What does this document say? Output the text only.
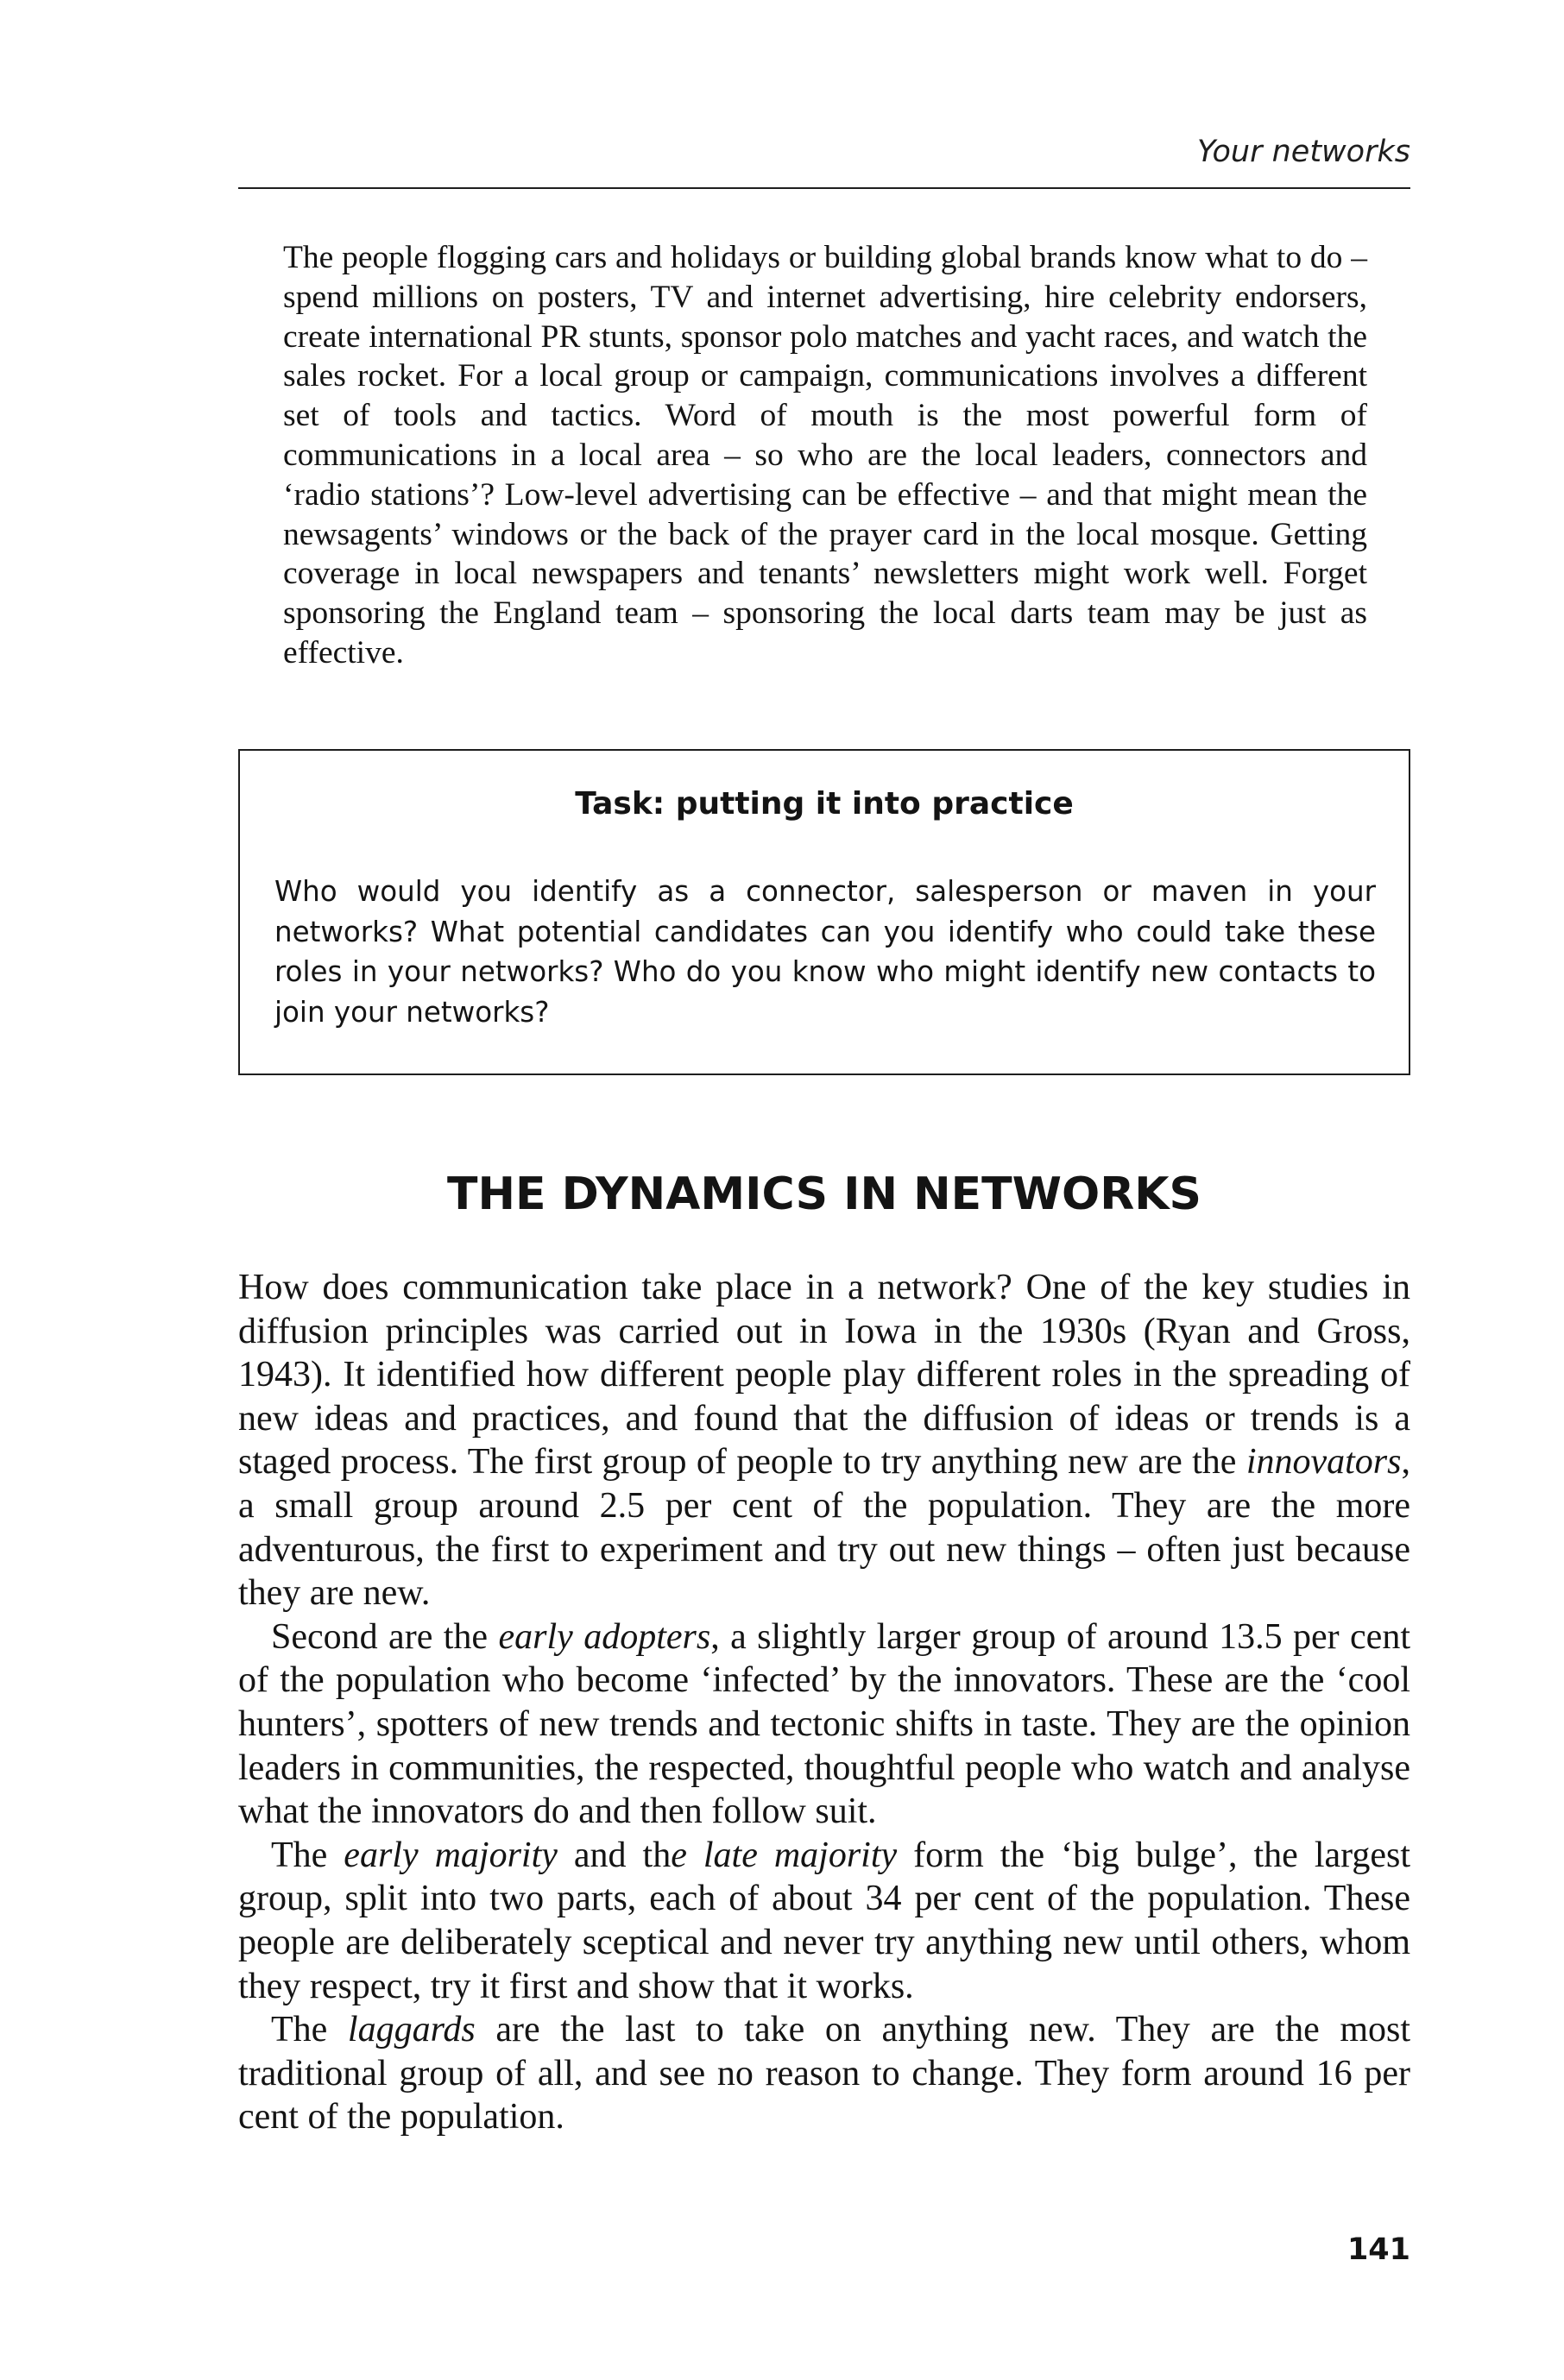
Your networks

The people flogging cars and holidays or building global brands know what to do – spend millions on posters, TV and internet advertising, hire celebrity endorsers, create international PR stunts, sponsor polo matches and yacht races, and watch the sales rocket. For a local group or campaign, communications involves a different set of tools and tactics. Word of mouth is the most powerful form of communications in a local area – so who are the local leaders, connectors and ‘radio stations’? Low-level advertising can be effective – and that might mean the newsagents’ windows or the back of the prayer card in the local mosque. Getting coverage in local newspapers and tenants’ newsletters might work well. Forget sponsoring the England team – sponsoring the local darts team may be just as effective.

Task: putting it into practice

Who would you identify as a connector, salesperson or maven in your networks? What potential candidates can you identify who could take these roles in your networks? Who do you know who might identify new contacts to join your networks?

THE DYNAMICS IN NETWORKS

How does communication take place in a network? One of the key studies in diffusion principles was carried out in Iowa in the 1930s (Ryan and Gross, 1943). It identified how different people play different roles in the spreading of new ideas and practices, and found that the diffusion of ideas or trends is a staged process. The first group of people to try anything new are the innovators, a small group around 2.5 per cent of the population. They are the more adventurous, the first to experiment and try out new things – often just because they are new.

Second are the early adopters, a slightly larger group of around 13.5 per cent of the population who become ‘infected’ by the innovators. These are the ‘cool hunters’, spotters of new trends and tectonic shifts in taste. They are the opinion leaders in communities, the respected, thoughtful people who watch and analyse what the innovators do and then follow suit.

The early majority and the late majority form the ‘big bulge’, the largest group, split into two parts, each of about 34 per cent of the population. These people are deliberately sceptical and never try anything new until others, whom they respect, try it first and show that it works.

The laggards are the last to take on anything new. They are the most traditional group of all, and see no reason to change. They form around 16 per cent of the population.

141
